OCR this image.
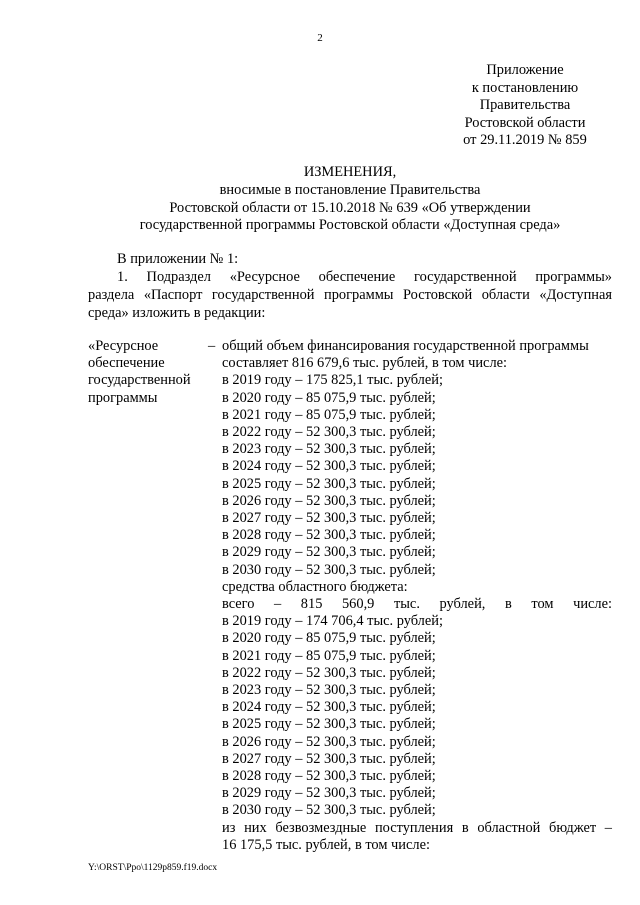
2
Приложение
к постановлению
Правительства
Ростовской области
от 29.11.2019 № 859
ИЗМЕНЕНИЯ,
вносимые в постановление Правительства
Ростовской области от 15.10.2018 № 639 «Об утверждении
государственной программы Ростовской области «Доступная среда»
В приложении № 1:
1. Подраздел «Ресурсное обеспечение государственной программы»
раздела «Паспорт государственной программы Ростовской области «Доступная
среда» изложить в редакции:
«Ресурсное
обеспечение
государственной
программы
– общий объем финансирования государственной программы
составляет 816 679,6 тыс. рублей, в том числе:
в 2019 году – 175 825,1 тыс. рублей;
в 2020 году – 85 075,9 тыс. рублей;
в 2021 году – 85 075,9 тыс. рублей;
в 2022 году – 52 300,3 тыс. рублей;
в 2023 году – 52 300,3 тыс. рублей;
в 2024 году – 52 300,3 тыс. рублей;
в 2025 году – 52 300,3 тыс. рублей;
в 2026 году – 52 300,3 тыс. рублей;
в 2027 году – 52 300,3 тыс. рублей;
в 2028 году – 52 300,3 тыс. рублей;
в 2029 году – 52 300,3 тыс. рублей;
в 2030 году – 52 300,3 тыс. рублей;
средства областного бюджета:
всего – 815 560,9 тыс. рублей, в том числе:
в 2019 году – 174 706,4 тыс. рублей;
в 2020 году – 85 075,9 тыс. рублей;
в 2021 году – 85 075,9 тыс. рублей;
в 2022 году – 52 300,3 тыс. рублей;
в 2023 году – 52 300,3 тыс. рублей;
в 2024 году – 52 300,3 тыс. рублей;
в 2025 году – 52 300,3 тыс. рублей;
в 2026 году – 52 300,3 тыс. рублей;
в 2027 году – 52 300,3 тыс. рублей;
в 2028 году – 52 300,3 тыс. рублей;
в 2029 году – 52 300,3 тыс. рублей;
в 2030 году – 52 300,3 тыс. рублей;
из них безвозмездные поступления в областной бюджет –
16 175,5 тыс. рублей, в том числе:
Y:\ORST\Ppo\1129p859.f19.docx
